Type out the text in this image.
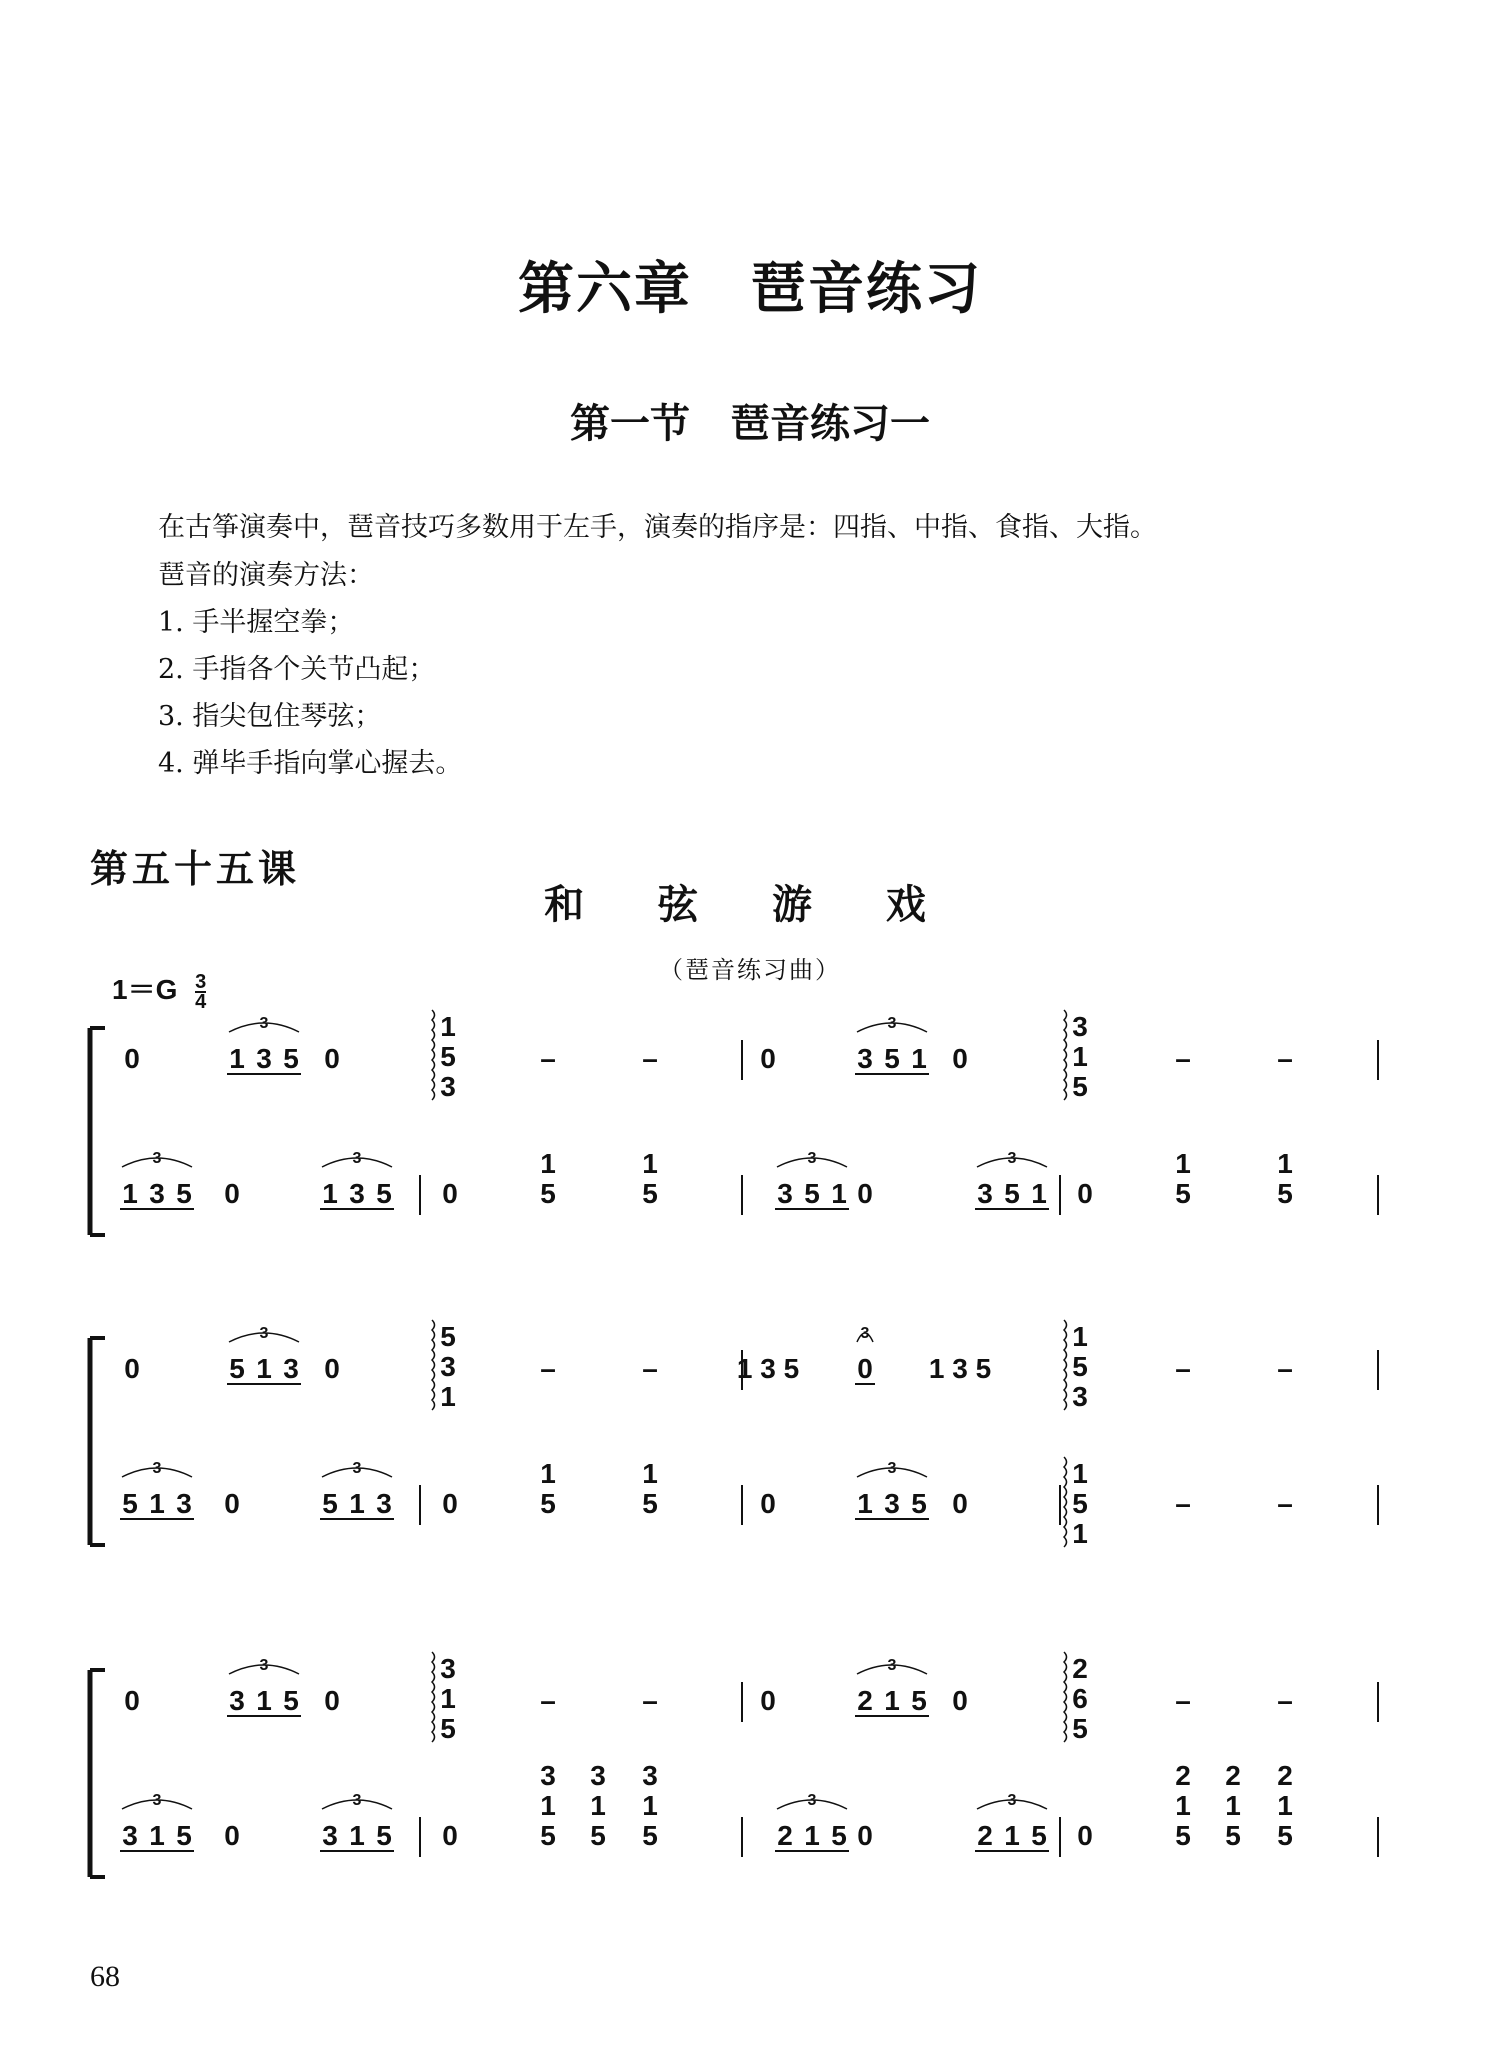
第六章　琶音练习
第一节　琶音练习一
在古筝演奏中，琶音技巧多数用于左手，演奏的指序是：四指、中指、食指、大指。
琶音的演奏方法：
1. 手半握空拳；
2. 手指各个关节凸起；
3. 指尖包住琴弦；
4. 弹毕手指向掌心握去。
第五十五课
和 弦 游 戏
（琶音练习曲）
$1=G \frac{3}{4}$
0	1 3 5
3
0
1
5
3
–	–	0	3 5 1
3
0
3
1
5
–	–
1 3 5
3
0	1 3 5
3
0
1
5
1
5	3 5 1
3
0	3 5 1
3
0
1
5
1
5
0	5 1 3
3
0
5
3
1
–	–	1 3 5 0
3
1 3 5
1
5
3
–	–
5 1 3
3
0	5 1 3
3
0
1
5
1
5	0	1 3 5
3
0
1
5
1
–	–
0	3 1 5
3
0
3
1
5
–	–	0	2 1 5
3
0
2
6
5
–	–
3 1 5
3
0	3 1 5
3
0
3
1
5
3
1
5
3
1
5	2 1 5
3
0	2 1 5
3
0
2
1
5
2
1
5
2
1
5
68
